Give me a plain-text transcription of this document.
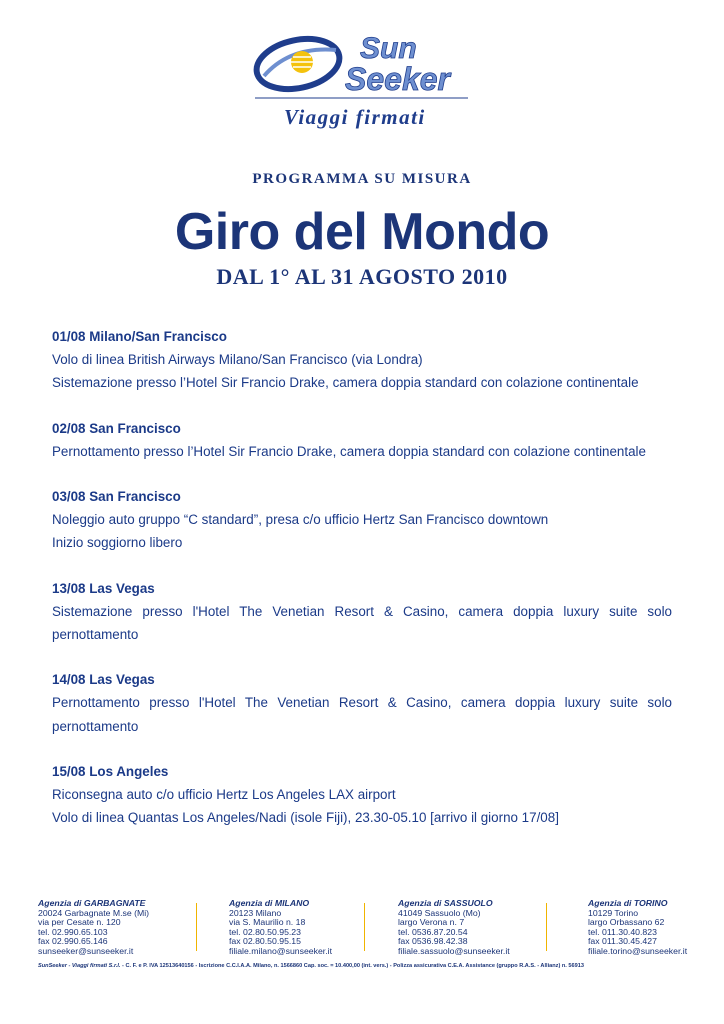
Sun
Seeker
Viaggi firmati
PROGRAMMA SU MISURA
Giro del Mondo
DAL 1° AL 31 AGOSTO 2010
01/08 Milano/San Francisco
Volo di linea British Airways Milano/San Francisco (via Londra)
Sistemazione presso l’Hotel Sir Francio Drake, camera doppia standard con colazione continentale
02/08 San Francisco
Pernottamento presso l’Hotel Sir Francio Drake, camera doppia standard con colazione continentale
03/08 San Francisco
Noleggio auto gruppo “C standard”, presa c/o ufficio Hertz San Francisco downtown
Inizio soggiorno libero
13/08 Las Vegas
Sistemazione presso l'Hotel The Venetian Resort & Casino, camera doppia luxury suite solo pernottamento
14/08 Las Vegas
Pernottamento presso l'Hotel The Venetian Resort & Casino, camera doppia luxury suite solo pernottamento
15/08 Los Angeles
Riconsegna auto c/o ufficio Hertz Los Angeles LAX airport
Volo di linea Quantas Los Angeles/Nadi (isole Fiji), 23.30-05.10 [arrivo il giorno 17/08]
Agenzia di GARBAGNATE
20024 Garbagnate M.se (Mi)
via per Cesate n. 120
tel. 02.990.65.103
fax 02.990.65.146
sunseeker@sunseeker.it
Agenzia di MILANO
20123 Milano
via S. Maurilio n. 18
tel. 02.80.50.95.23
fax 02.80.50.95.15
filiale.milano@sunseeker.it
Agenzia di SASSUOLO
41049 Sassuolo (Mo)
largo Verona n. 7
tel. 0536.87.20.54
fax 0536.98.42.38
filiale.sassuolo@sunseeker.it
Agenzia di TORINO
10129 Torino
largo Orbassano 62
tel. 011.30.40.823
fax 011.30.45.427
filiale.torino@sunseeker.it
SunSeeker - Viaggi firmati S.r.l. - C. F. e P. IVA 12513640156 - Iscrizione C.C.I.A.A. Milano, n. 1566860 Cap. soc. = 10.400,00 (int. vers.) - Polizza assicurativa C.E.A. Assistance (gruppo R.A.S. - Allianz) n. 56913
